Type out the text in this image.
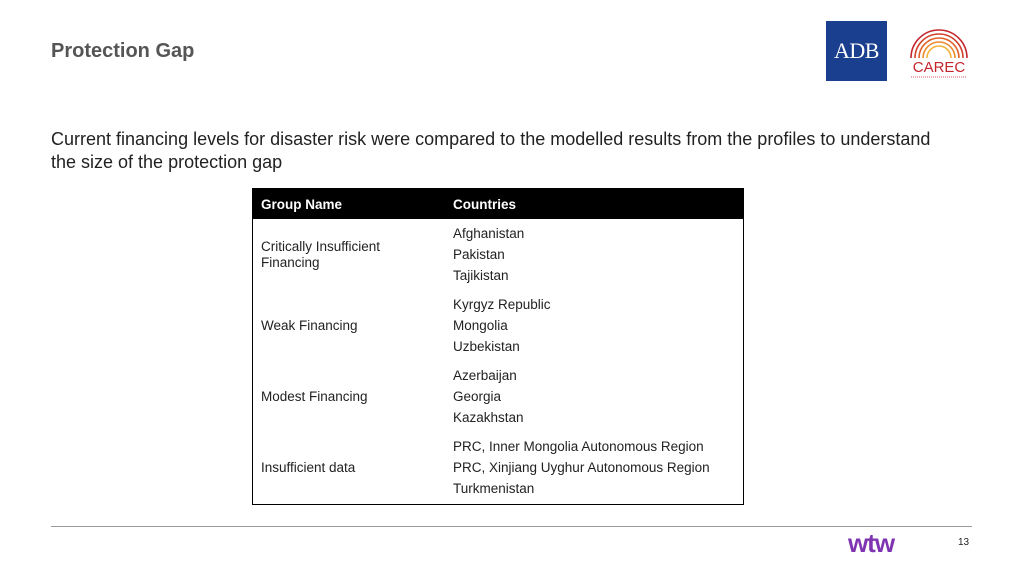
Protection Gap	ADB
CAREC
Current financing levels for disaster risk were compared to the modelled results from the profiles to understand the size of the protection gap
Group Name	Countries
Critically Insufficient Financing	Afghanistan
Pakistan
Tajikistan

Weak Financing	Kyrgyz Republic
Mongolia
Uzbekistan

Modest Financing	Azerbaijan
Georgia
Kazakhstan

Insufficient data	PRC, Inner Mongolia Autonomous Region
PRC, Xinjiang Uyghur Autonomous Region
Turkmenistan
wtw	13
